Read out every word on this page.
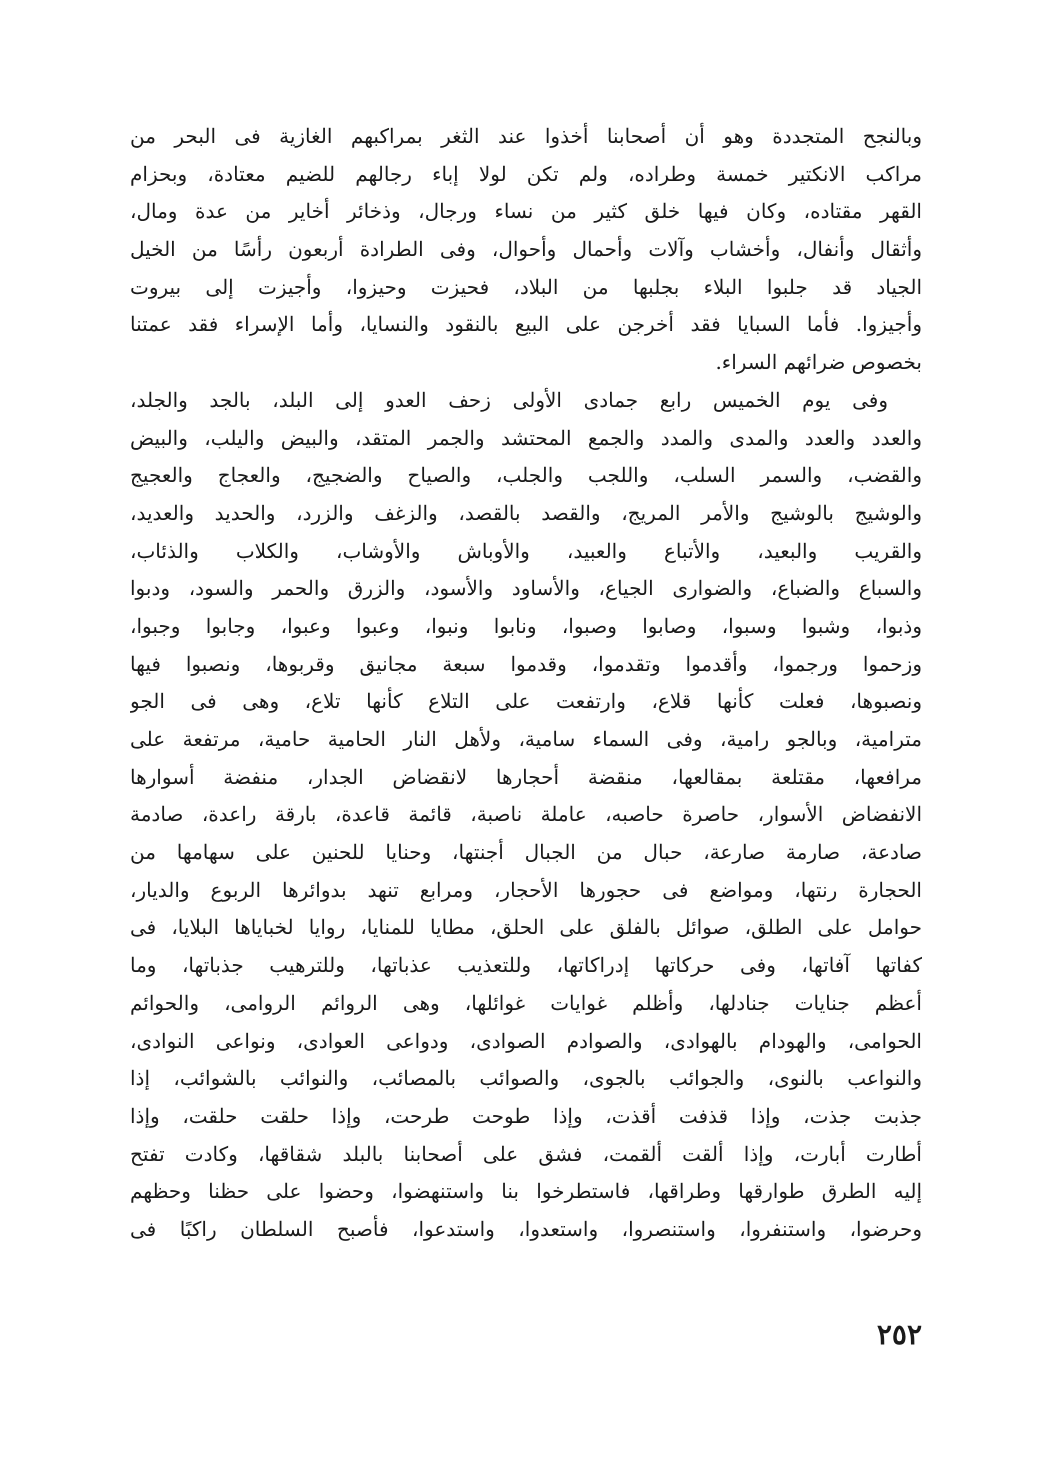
وبالنجح المتجددة وهو أن أصحابنا أخذوا عند الثغر بمراكبهم الغازية فى البحر من
مراكب الانكتير خمسة وطراده، ولم تكن لولا إباء رجالهم للضيم معتادة، وبحزام
القهر مقتاده، وكان فيها خلق كثير من نساء ورجال، وذخائر أخاير من عدة ومال،
وأثقال وأنفال، وأخشاب وآلات وأحمال وأحوال، وفى الطرادة أربعون رأسًا من الخيل
الجياد قد جلبوا البلاء بجلبها من البلاد، فحيزت وحيزوا، وأجيزت إلى بيروت
وأجيزوا. فأما السبايا فقد أخرجن على البيع بالنقود والنسايا، وأما الإسراء فقد عمتنا
بخصوص ضرائهم السراء.
وفى يوم الخميس رابع جمادى الأولى زحف العدو إلى البلد، بالجد والجلد،
والعدد والعدد والمدى والمدد والجمع المحتشد والجمر المتقد، والبيض واليلب، والبيض
والقضب، والسمر السلب، واللجب والجلب، والصياح والضجيج، والعجاج والعجيج
والوشيج بالوشيج والأمر المريج، والقصد بالقصد، والزغف والزرد، والحديد والعديد،
والقريب والبعيد، والأتباع والعبيد، والأوباش والأوشاب، والكلاب والذئاب،
والسباع والضباع، والضوارى الجياع، والأساود والأسود، والزرق والحمر والسود، ودبوا
وذبوا، وشبوا وسبوا، وصابوا وصبوا، ونابوا ونبوا، وعبوا وعبوا، وجابوا وجبوا،
وزحموا ورجموا، وأقدموا وتقدموا، وقدموا سبعة مجانيق وقربوها، ونصبوا فيها
ونصبوها، فعلت كأنها قلاع، وارتفعت على التلاع كأنها تلاع، وهى فى الجو
مترامية، وبالجو رامية، وفى السماء سامية، ولأهل النار الحامية حامية، مرتفعة على
مرافعها، مقتلعة بمقالعها، منقضة أحجارها لانقضاض الجدار، منفضة أسوارها
الانفضاض الأسوار، حاصرة حاصبه، عاملة ناصبة، قائمة قاعدة، بارقة راعدة، صادمة
صادعة، صارمة صارعة، حبال من الجبال أجنتها، وحنايا للحنين على سهامها من
الحجارة رنتها، ومواضع فى حجورها الأحجار، ومرابع تنهد بدوائرها الربوع والديار،
حوامل على الطلق، صوائل بالفلق على الحلق، مطايا للمنايا، روايا لخباياها البلايا، فى
كفاتها آفاتها، وفى حركاتها إدراكاتها، وللتعذيب عذباتها، وللترهيب جذباتها، وما
أعظم جنايات جنادلها، وأظلم غوايات غوائلها، وهى الروائم الروامى، والحوائم
الحوامى، والهودام بالهوادى، والصوادم الصوادى، ودواعى العوادى، ونواعى النوادى،
والنواعب بالنوى، والجوائب بالجوى، والصوائب بالمصائب، والنوائب بالشوائب، إذا
جذبت جذت، وإذا قذفت أقذت، وإذا طوحت طرحت، وإذا حلقت حلقت، وإذا
أطارت أبارت، وإذا ألقت ألقمت، فشق على أصحابنا بالبلد شقاقها، وكادت تفتح
إليه الطرق طوارقها وطراقها، فاستطرخوا بنا واستنهضوا، وحضوا على حظنا وحظهم
وحرضوا، واستنفروا، واستنصروا، واستعدوا، واستدعوا، فأصبح السلطان راكبًا فى
٢٥٢
